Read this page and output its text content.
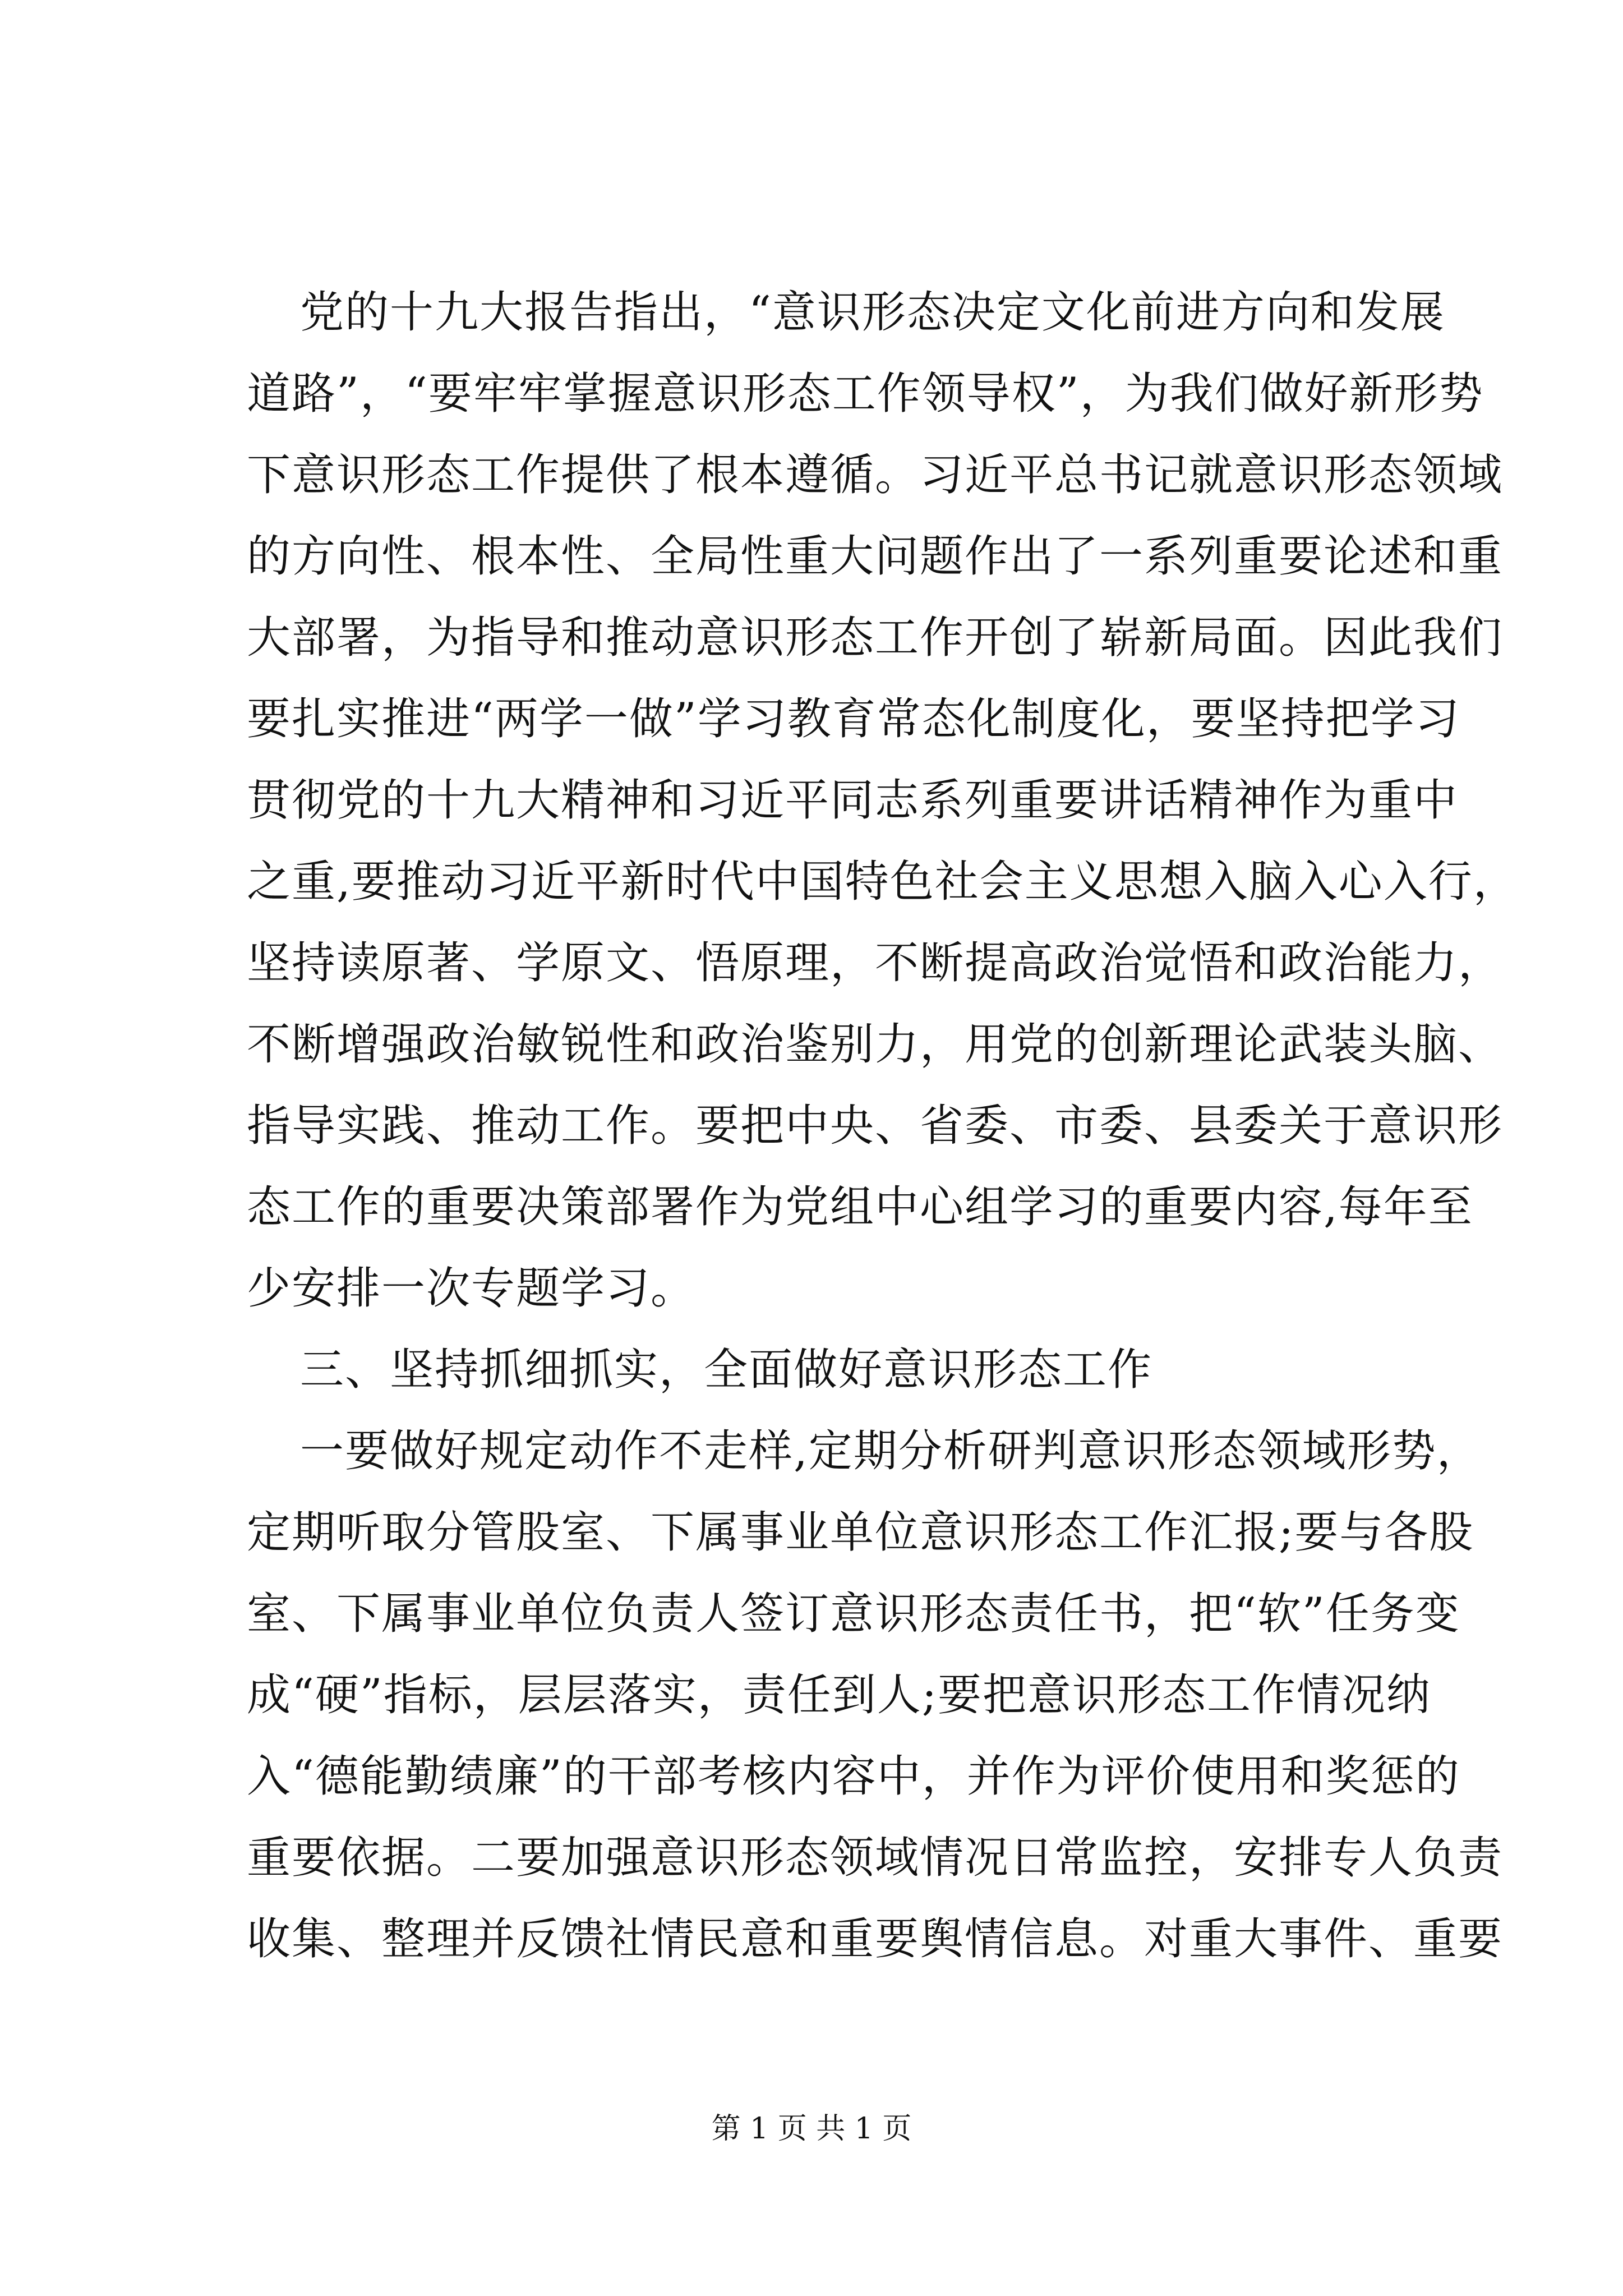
党的十九大报告指出，“意识形态决定文化前进方向和发展
道路”，“要牢牢掌握意识形态工作领导权”，为我们做好新形势
下意识形态工作提供了根本遵循。习近平总书记就意识形态领域
的方向性、根本性、全局性重大问题作出了一系列重要论述和重
大部署，为指导和推动意识形态工作开创了崭新局面。因此我们
要扎实推进“两学一做”学习教育常态化制度化，要坚持把学习
贯彻党的十九大精神和习近平同志系列重要讲话精神作为重中
之重,要推动习近平新时代中国特色社会主义思想入脑入心入行，
坚持读原著、学原文、悟原理，不断提高政治觉悟和政治能力，
不断增强政治敏锐性和政治鉴别力，用党的创新理论武装头脑、
指导实践、推动工作。要把中央、省委、市委、县委关于意识形
态工作的重要决策部署作为党组中心组学习的重要内容,每年至
少安排一次专题学习。
三、坚持抓细抓实，全面做好意识形态工作
一要做好规定动作不走样,定期分析研判意识形态领域形势，
定期听取分管股室、下属事业单位意识形态工作汇报;要与各股
室、下属事业单位负责人签订意识形态责任书，把“软”任务变
成“硬”指标，层层落实，责任到人;要把意识形态工作情况纳
入“德能勤绩廉”的干部考核内容中，并作为评价使用和奖惩的
重要依据。二要加强意识形态领域情况日常监控，安排专人负责
收集、整理并反馈社情民意和重要舆情信息。对重大事件、重要
第 1 页 共 1 页
